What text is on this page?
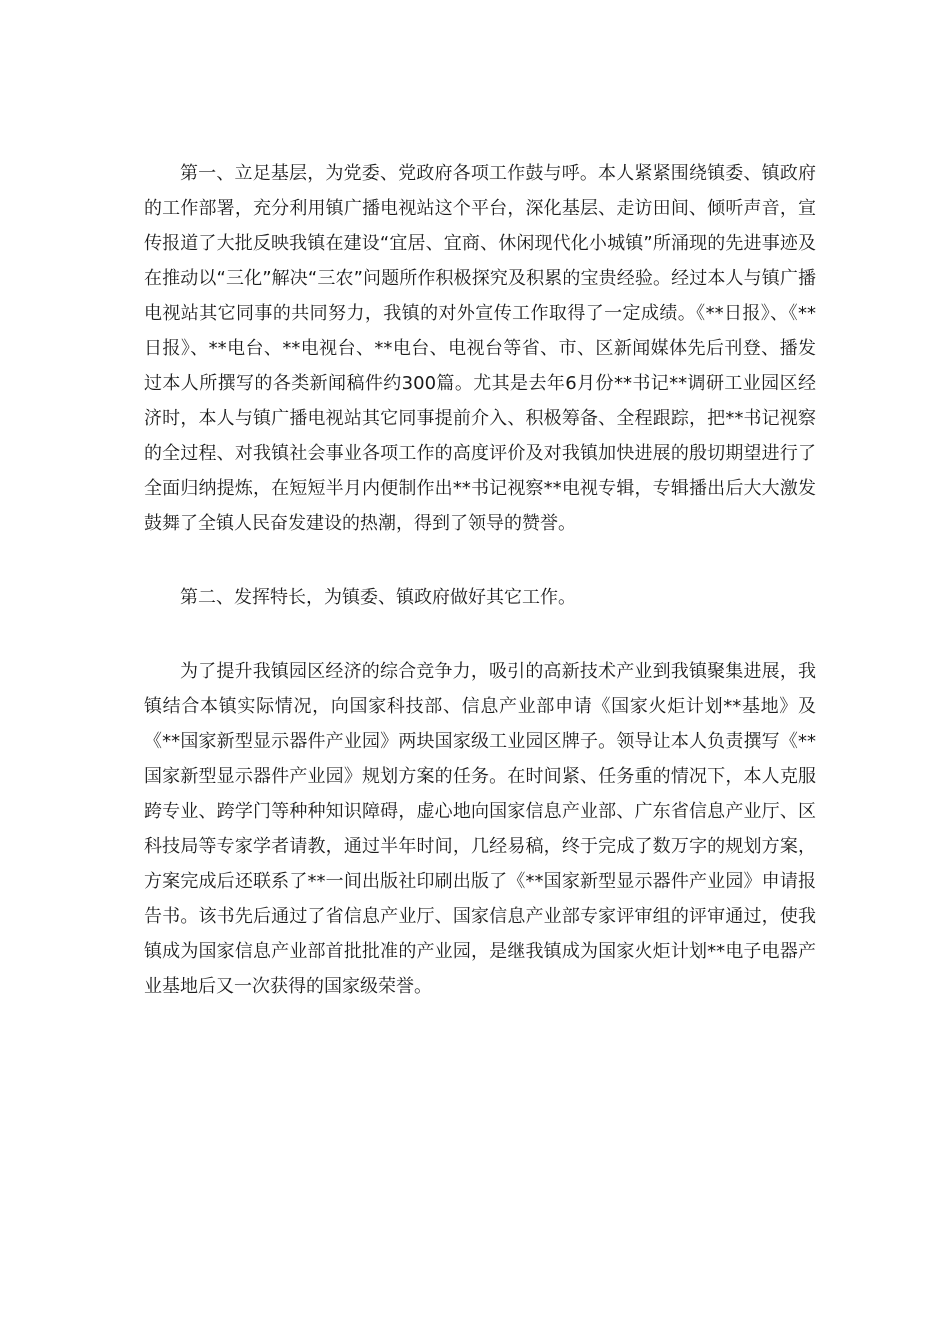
第一、立足基层，为党委、党政府各项工作鼓与呼。本人紧紧围绕镇委、镇政府的工作部署，充分利用镇广播电视站这个平台，深化基层、走访田间、倾听声音，宣传报道了大批反映我镇在建设“宜居、宜商、休闲现代化小城镇”所涌现的先进事迹及在推动以“三化”解决“三农”问题所作积极探究及积累的宝贵经验。经过本人与镇广播电视站其它同事的共同努力，我镇的对外宣传工作取得了一定成绩。《**日报》、《**日报》、**电台、**电视台、**电台、电视台等省、市、区新闻媒体先后刊登、播发过本人所撰写的各类新闻稿件约300篇。尤其是去年6月份**书记**调研工业园区经济时，本人与镇广播电视站其它同事提前介入、积极筹备、全程跟踪，把**书记视察的全过程、对我镇社会事业各项工作的高度评价及对我镇加快进展的殷切期望进行了全面归纳提炼，在短短半月内便制作出**书记视察**电视专辑，专辑播出后大大激发鼓舞了全镇人民奋发建设的热潮，得到了领导的赞誉。

第二、发挥特长，为镇委、镇政府做好其它工作。

为了提升我镇园区经济的综合竞争力，吸引的高新技术产业到我镇聚集进展，我镇结合本镇实际情况，向国家科技部、信息产业部申请《国家火炬计划**基地》及《**国家新型显示器件产业园》两块国家级工业园区牌子。领导让本人负责撰写《**国家新型显示器件产业园》规划方案的任务。在时间紧、任务重的情况下，本人克服跨专业、跨学门等种种知识障碍，虚心地向国家信息产业部、广东省信息产业厅、区科技局等专家学者请教，通过半年时间，几经易稿，终于完成了数万字的规划方案，方案完成后还联系了**一间出版社印刷出版了《**国家新型显示器件产业园》申请报告书。该书先后通过了省信息产业厅、国家信息产业部专家评审组的评审通过，使我镇成为国家信息产业部首批批准的产业园，是继我镇成为国家火炬计划**电子电器产业基地后又一次获得的国家级荣誉。
